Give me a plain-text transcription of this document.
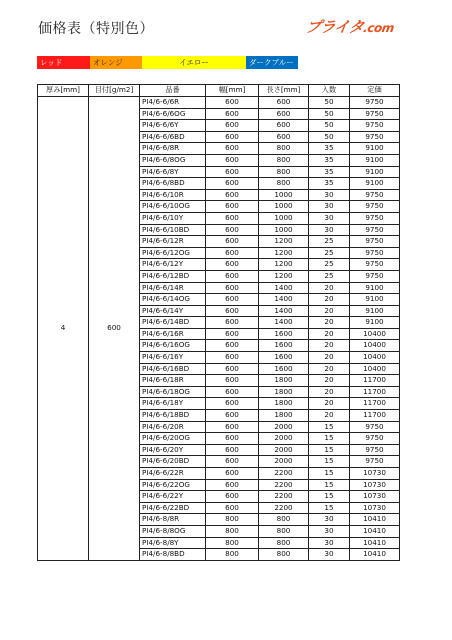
価格表（特別色）	プライタ.com
レッド	オレンジ	イエロー	ダークブルー
厚み[mm]	目付[g/m2]	品番	幅[mm]	長さ[mm]	入数	定価
4	600	PI4/6-6/6R	600	600	50	9750
		PI4/6-6/6OG	600	600	50	9750
		PI4/6-6/6Y	600	600	50	9750
		PI4/6-6/6BD	600	600	50	9750
		PI4/6-6/8R	600	800	35	9100
		PI4/6-6/8OG	600	800	35	9100
		PI4/6-6/8Y	600	800	35	9100
		PI4/6-6/8BD	600	800	35	9100
		PI4/6-6/10R	600	1000	30	9750
		PI4/6-6/10OG	600	1000	30	9750
		PI4/6-6/10Y	600	1000	30	9750
		PI4/6-6/10BD	600	1000	30	9750
		PI4/6-6/12R	600	1200	25	9750
		PI4/6-6/12OG	600	1200	25	9750
		PI4/6-6/12Y	600	1200	25	9750
		PI4/6-6/12BD	600	1200	25	9750
		PI4/6-6/14R	600	1400	20	9100
		PI4/6-6/14OG	600	1400	20	9100
		PI4/6-6/14Y	600	1400	20	9100
		PI4/6-6/14BD	600	1400	20	9100
		PI4/6-6/16R	600	1600	20	10400
		PI4/6-6/16OG	600	1600	20	10400
		PI4/6-6/16Y	600	1600	20	10400
		PI4/6-6/16BD	600	1600	20	10400
		PI4/6-6/18R	600	1800	20	11700
		PI4/6-6/18OG	600	1800	20	11700
		PI4/6-6/18Y	600	1800	20	11700
		PI4/6-6/18BD	600	1800	20	11700
		PI4/6-6/20R	600	2000	15	9750
		PI4/6-6/20OG	600	2000	15	9750
		PI4/6-6/20Y	600	2000	15	9750
		PI4/6-6/20BD	600	2000	15	9750
		PI4/6-6/22R	600	2200	15	10730
		PI4/6-6/22OG	600	2200	15	10730
		PI4/6-6/22Y	600	2200	15	10730
		PI4/6-6/22BD	600	2200	15	10730
		PI4/6-8/8R	800	800	30	10410
		PI4/6-8/8OG	800	800	30	10410
		PI4/6-8/8Y	800	800	30	10410
		PI4/6-8/8BD	800	800	30	10410
